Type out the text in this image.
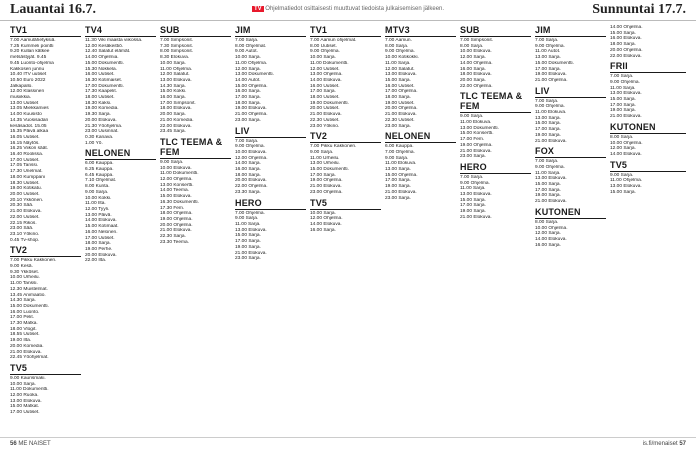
Lauantai 16.7.	TV Ohjelmatiedot osittaisesti muuttuvat tiedoista julkaisemisen jälkeen.	Sunnuntai 17.7.
TV1
7.00 Aamulähetyksiä.
7.25 Kummeli pointti
9.20 Kullan kätkee
metsästyjät. 9.45
9.45 Luonto-ohjelma
Kakkosen junnu
10.40 ITV uutiset
10.50 Euro 2022
Jalkapallo.
12.00 Klassinen
musiikkia.
13.00 Uutiset
13.05 Miekkamies
14.00 Kuusisto
14.35 Vuosisadan
kesäsadot. 15.05
15.35 Päivä alkaa
16.05 Uutiset.
16.15 Näytös.
16.25 Viikon säät.
16.40 Roolissa.
17.00 Uutiset.
17.05 Tanssi.
17.30 Unelmat.
18.00 Kumppani
18.30 Uutiset.
19.00 Kotikatu.
20.00 Uutiset.
20.10 Ykkönen.
20.30 Sää.
21.00 Elokuva.
22.00 Uutiset.
22.15 Rikos.
23.00 Sää.
23.10 Yökino.
0.45 Tv-shop.
TV2
7.00 Pikku Kakkonen.
9.00 Kesä.
9.30 Ykköset.
10.00 Urheilu.
11.00 Tanssi.
12.30 Muistelmat.
13.45 Animaatio.
14.30 Sarja.
15.00 Dokumentti.
16.00 Luonto.
17.00 Pelit.
17.30 Matka.
18.00 Vlogit.
18.55 Uutiset.
19.00 Ilta.
20.00 Komedia.
21.00 Elokuva.
22.45 Yöohjelmat.
TV5
9.00 Kaurismaki.
10.00 Sarja.
11.00 Dokumentti.
12.00 Ruoka.
13.00 Elokuva.
15.00 Matkat.
17.00 Uutiset.
TV4
11.30 Viki maasta viikossa.
12.00 Kesäkeittiö.
12.40 Salatut elämät.
14.00 Ohjelmia.
15.00 Dokumentti.
15.30 Nokkela.
16.00 Uutiset.
16.30 Kotimaiset.
17.00 Dokumentti.
17.30 Kaapelit.
18.00 Uutiset.
18.30 Kaksi.
19.00 Komedia.
19.30 Sarja.
20.00 Elokuva.
21.30 Yöohjelma.
23.00 Uusinnat.
0.30 Kanava.
1.00 Yö.
NELONEN
6.00 Kauppa.
6.25 Kauppa.
6.45 Kauppa.
7.10 Ohjelmat.
8.00 Kunta.
9.00 Sarja.
10.00 Kokki.
11.00 Ilta.
12.00 Tyyli.
13.00 Päivä.
14.00 Elokuva.
15.00 Kotimaat.
16.00 Nelonen.
17.00 Uutiset.
18.00 Sarja.
19.00 Perhe.
20.00 Elokuva.
22.00 Ilta.
SUB
7.00 Simpsonit.
7.30 Simpsonit.
8.00 Simpsonit.
8.30 Elokuva.
10.00 Sarja.
11.00 Ohjelma.
12.00 Salatut.
13.00 Elokuva.
14.30 Sarja.
15.00 Kokki.
16.00 Sarja.
17.00 Simpsonit.
18.00 Elokuva.
20.00 Sarja.
21.00 Komedia.
22.00 Elokuva.
23.45 Sarja.
TLC TEEMA & FEM
9.00 Sarja.
10.00 Elokuva.
11.00 Dokumentti.
12.00 Ohjelma.
13.00 Konsertti.
14.00 Teema.
15.00 Elokuva.
16.30 Dokumentti.
17.30 Fem.
18.00 Ohjelma.
19.00 Ohjelma.
20.00 Ohjelma.
21.00 Elokuva.
22.30 Sarja.
23.30 Teema.
JIM
7.00 Sarja.
8.00 Ohjelmat.
9.00 Autot.
10.00 Sarja.
11.00 Ohjelma.
12.00 Sarja.
13.00 Dokumentti.
14.00 Autot.
15.00 Ohjelma.
16.00 Sarja.
17.00 Sarja.
18.00 Sarja.
19.00 Elokuva.
21.00 Ohjelma.
23.00 Sarja.
LIV
7.00 Sarja.
9.00 Ohjelma.
10.00 Elokuva.
12.00 Ohjelma.
14.00 Sarja.
16.00 Sarja.
18.00 Sarja.
20.00 Elokuva.
22.00 Ohjelma.
23.30 Sarja.
HERO
7.00 Ohjelma.
9.00 Sarja.
11.00 Sarja.
13.00 Elokuva.
15.00 Sarja.
17.00 Sarja.
19.00 Sarja.
21.00 Elokuva.
23.00 Sarja.
TV1
7.00 Aamun ohjelmat.
8.00 Uutiset.
9.00 Ohjelma.
10.00 Sarja.
11.00 Dokumentti.
12.00 Uutiset.
13.00 Ohjelma.
14.00 Elokuva.
16.00 Uutiset.
17.00 Sarja.
18.00 Uutiset.
19.00 Dokumentti.
20.00 Uutiset.
21.00 Elokuva.
22.30 Uutiset.
23.00 Yökino.
TV2
7.00 Pikku Kakkonen.
9.00 Sarja.
11.00 Urheilu.
13.00 Urheilu.
15.00 Dokumentti.
17.00 Sarja.
19.00 Ohjelma.
21.00 Elokuva.
23.00 Ohjelma.
TV5
10.00 Sarja.
12.00 Ohjelma.
14.00 Elokuva.
16.00 Sarja.
MTV3
7.00 Aamun.
8.00 Sarja.
9.00 Ohjelma.
10.00 Kotikokki.
11.00 Sarja.
12.00 Salatut.
13.00 Elokuva.
15.00 Sarja.
16.00 Uutiset.
17.00 Ohjelma.
18.00 Sarja.
19.00 Uutiset.
20.00 Ohjelma.
21.00 Elokuva.
22.30 Uutiset.
23.00 Sarja.
NELONEN
6.00 Kauppa.
7.00 Ohjelma.
9.00 Sarja.
11.00 Elokuva.
13.00 Sarja.
15.00 Ohjelma.
17.00 Sarja.
19.00 Sarja.
21.00 Elokuva.
23.00 Sarja.
SUB
7.00 Simpsonit.
8.00 Sarja.
10.00 Elokuva.
12.00 Sarja.
14.00 Ohjelma.
16.00 Sarja.
18.00 Elokuva.
20.00 Sarja.
22.00 Ohjelma.
TLC TEEMA & FEM
9.00 Sarja.
11.00 Elokuva.
13.00 Dokumentti.
15.00 Konsertti.
17.00 Fem.
19.00 Ohjelma.
21.00 Elokuva.
23.00 Sarja.
HERO
7.00 Sarja.
9.00 Ohjelma.
11.00 Sarja.
13.00 Elokuva.
15.00 Sarja.
17.00 Sarja.
19.00 Sarja.
21.00 Elokuva.
JIM
7.00 Sarja.
9.00 Ohjelma.
11.00 Autot.
13.00 Sarja.
15.00 Dokumentti.
17.00 Sarja.
19.00 Elokuva.
21.00 Ohjelma.
LIV
7.00 Sarja.
9.00 Ohjelma.
11.00 Elokuva.
13.00 Sarja.
15.00 Sarja.
17.00 Sarja.
19.00 Sarja.
21.00 Elokuva.
FOX
7.00 Sarja.
9.00 Ohjelma.
11.00 Sarja.
13.00 Elokuva.
15.00 Sarja.
17.00 Sarja.
19.00 Sarja.
21.00 Elokuva.
KUTONEN
8.00 Sarja.
10.00 Ohjelma.
12.00 Sarja.
14.00 Elokuva.
16.00 Sarja.
14.00 Ohjelma.
15.00 Sarja.
16.00 Elokuva.
18.00 Sarja.
20.00 Ohjelma.
22.00 Elokuva.
FRII
7.00 Sarja.
9.00 Ohjelma.
11.00 Sarja.
13.00 Elokuva.
15.00 Sarja.
17.00 Sarja.
19.00 Sarja.
21.00 Elokuva.
KUTONEN
8.00 Sarja.
10.00 Ohjelma.
12.00 Sarja.
14.00 Elokuva.
TV5
9.00 Sarja.
11.00 Ohjelma.
13.00 Elokuva.
15.00 Sarja.
56 ME NAISET	is.fi/menaiset 57
